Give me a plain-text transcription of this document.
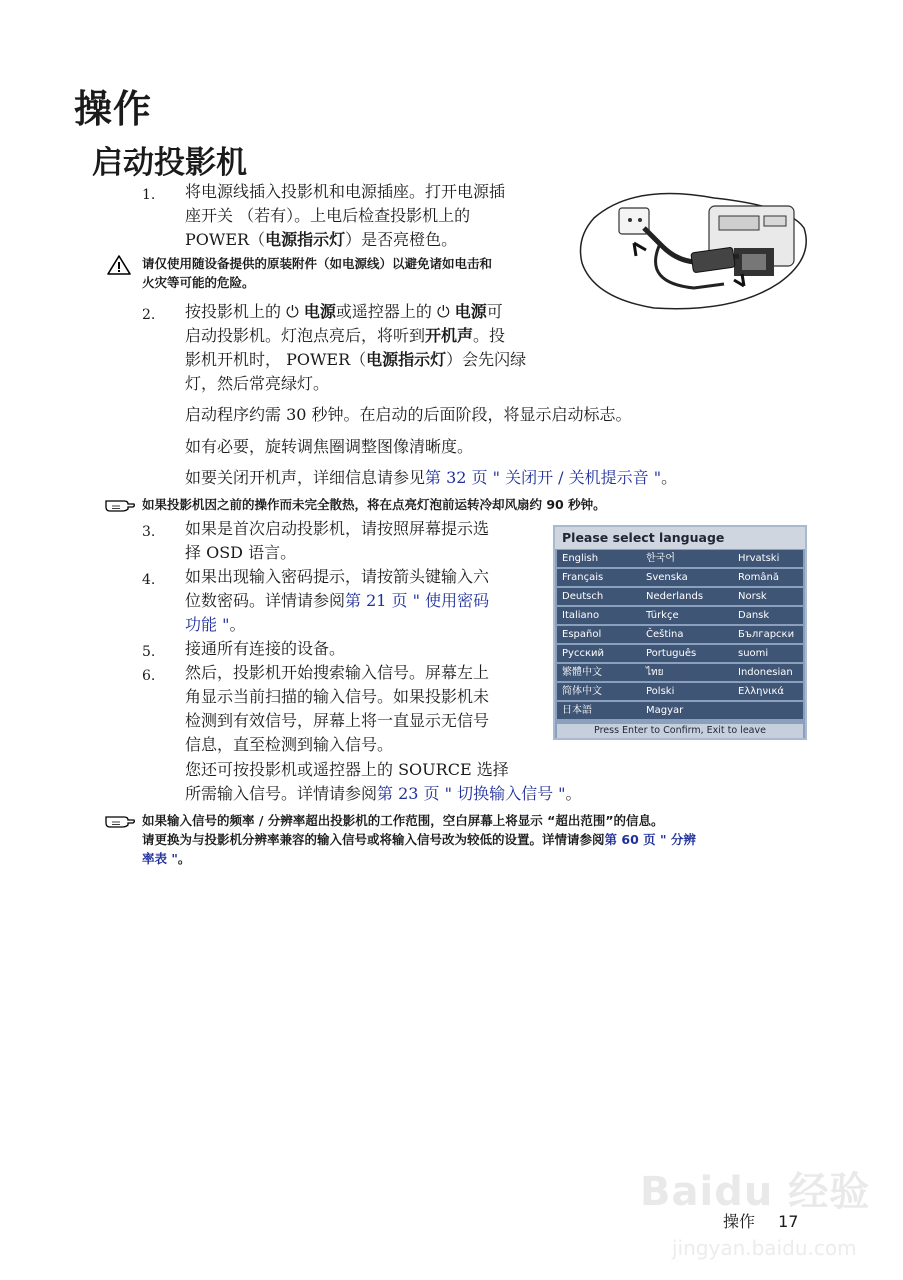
操作
启动投影机
1. 将电源线插入投影机和电源插座。打开电源插
座开关 （若有）。上电后检查投影机上的
POWER（电源指示灯）是否亮橙色。
请仅使用随设备提供的原装附件（如电源线）以避免诸如电击和
火灾等可能的危险。
2. 按投影机上的 ⏻ 电源或遥控器上的 ⏻ 电源可
启动投影机。灯泡点亮后，将听到开机声。投
影机开机时， POWER（电源指示灯）会先闪绿
灯，然后常亮绿灯。
启动程序约需 30 秒钟。在启动的后面阶段，将显示启动标志。
如有必要，旋转调焦圈调整图像清晰度。
如要关闭开机声，详细信息请参见第 32 页 " 关闭开 / 关机提示音 "。
如果投影机因之前的操作而未完全散热，将在点亮灯泡前运转冷却风扇约 90 秒钟。
Please select language
English	한국어	Hrvatski
Français	Svenska	Română
Deutsch	Nederlands	Norsk
Italiano	Türkçe	Dansk
Español	Čeština	Български
Русский	Português	suomi
繁體中文	ไทย	Indonesian
简体中文	Polski	Ελληνικά
日本語	Magyar
Press Enter to Confirm, Exit to leave
3. 如果是首次启动投影机，请按照屏幕提示选
择 OSD 语言。
4. 如果出现输入密码提示，请按箭头键输入六
位数密码。详情请参阅第 21 页 " 使用密码
功能 "。
5. 接通所有连接的设备。
6. 然后，投影机开始搜索输入信号。屏幕左上
角显示当前扫描的输入信号。如果投影机未
检测到有效信号，屏幕上将一直显示无信号
信息，直至检测到输入信号。
您还可按投影机或遥控器上的 SOURCE 选择
所需输入信号。详情请参阅第 23 页 " 切换输入信号 "。
如果输入信号的频率 / 分辨率超出投影机的工作范围，空白屏幕上将显示 “超出范围”的信息。
请更换为与投影机分辨率兼容的输入信号或将输入信号改为较低的设置。详情请参阅第 60 页 " 分辨
率表 "。
Baidu 经验
jingyan.baidu.com
操作 17
